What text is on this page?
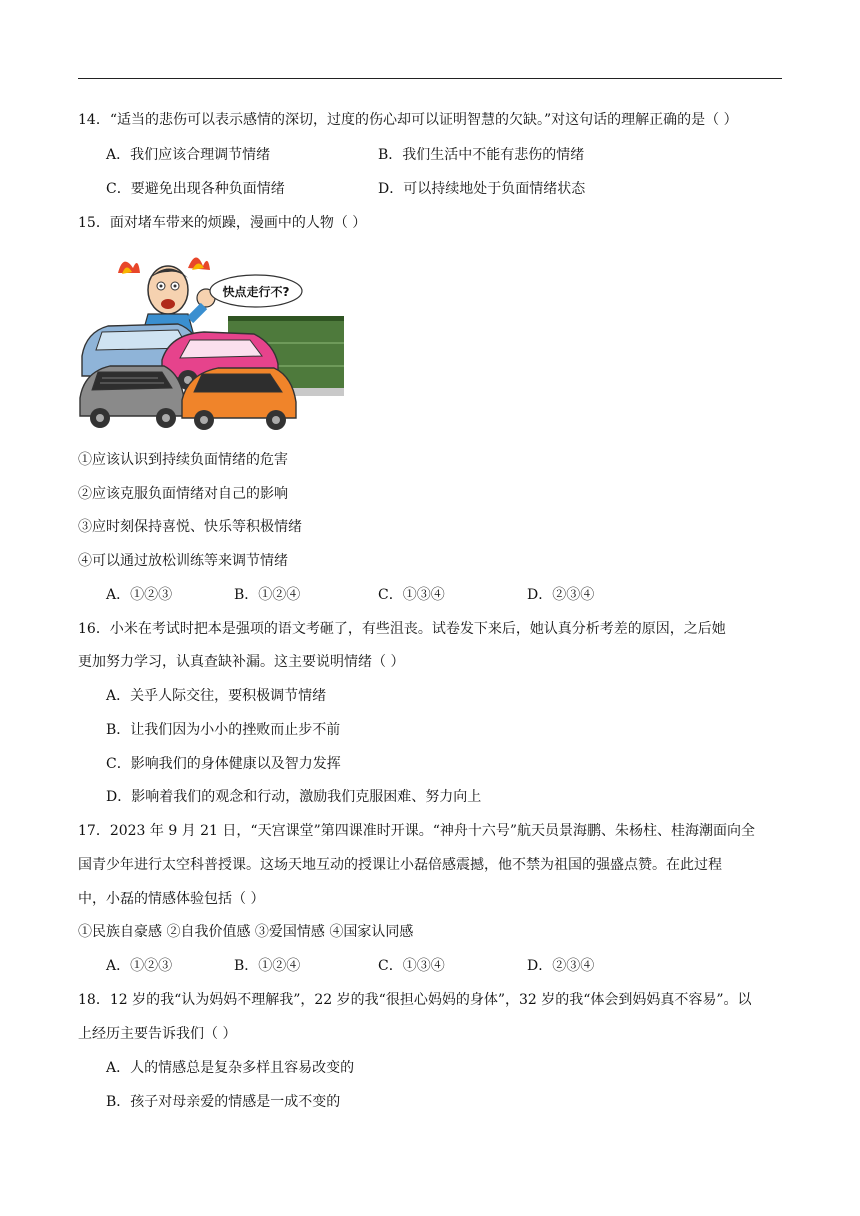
14．“适当的悲伤可以表示感情的深切，过度的伤心却可以证明智慧的欠缺。”对这句话的理解正确的是（ ）
A．我们应该合理调节情绪	B．我们生活中不能有悲伤的情绪
C．要避免出现各种负面情绪	D．可以持续地处于负面情绪状态
15．面对堵车带来的烦躁，漫画中的人物（ ）
快点走行不?
①应该认识到持续负面情绪的危害
②应该克服负面情绪对自己的影响
③应时刻保持喜悦、快乐等积极情绪
④可以通过放松训练等来调节情绪
A．①②③	B．①②④	C．①③④	D．②③④
16．小米在考试时把本是强项的语文考砸了，有些沮丧。试卷发下来后，她认真分析考差的原因，之后她
更加努力学习，认真查缺补漏。这主要说明情绪（ ）
A．关乎人际交往，要积极调节情绪
B．让我们因为小小的挫败而止步不前
C．影响我们的身体健康以及智力发挥
D．影响着我们的观念和行动，激励我们克服困难、努力向上
17．2023 年 9 月 21 日，“天宫课堂”第四课准时开课。“神舟十六号”航天员景海鹏、朱杨柱、桂海潮面向全
国青少年进行太空科普授课。这场天地互动的授课让小磊倍感震撼，他不禁为祖国的强盛点赞。在此过程
中，小磊的情感体验包括（ ）
①民族自豪感 ②自我价值感 ③爱国情感 ④国家认同感
A．①②③	B．①②④	C．①③④	D．②③④
18．12 岁的我“认为妈妈不理解我”，22 岁的我“很担心妈妈的身体”，32 岁的我“体会到妈妈真不容易”。以
上经历主要告诉我们（ ）
A．人的情感总是复杂多样且容易改变的
B．孩子对母亲爱的情感是一成不变的
